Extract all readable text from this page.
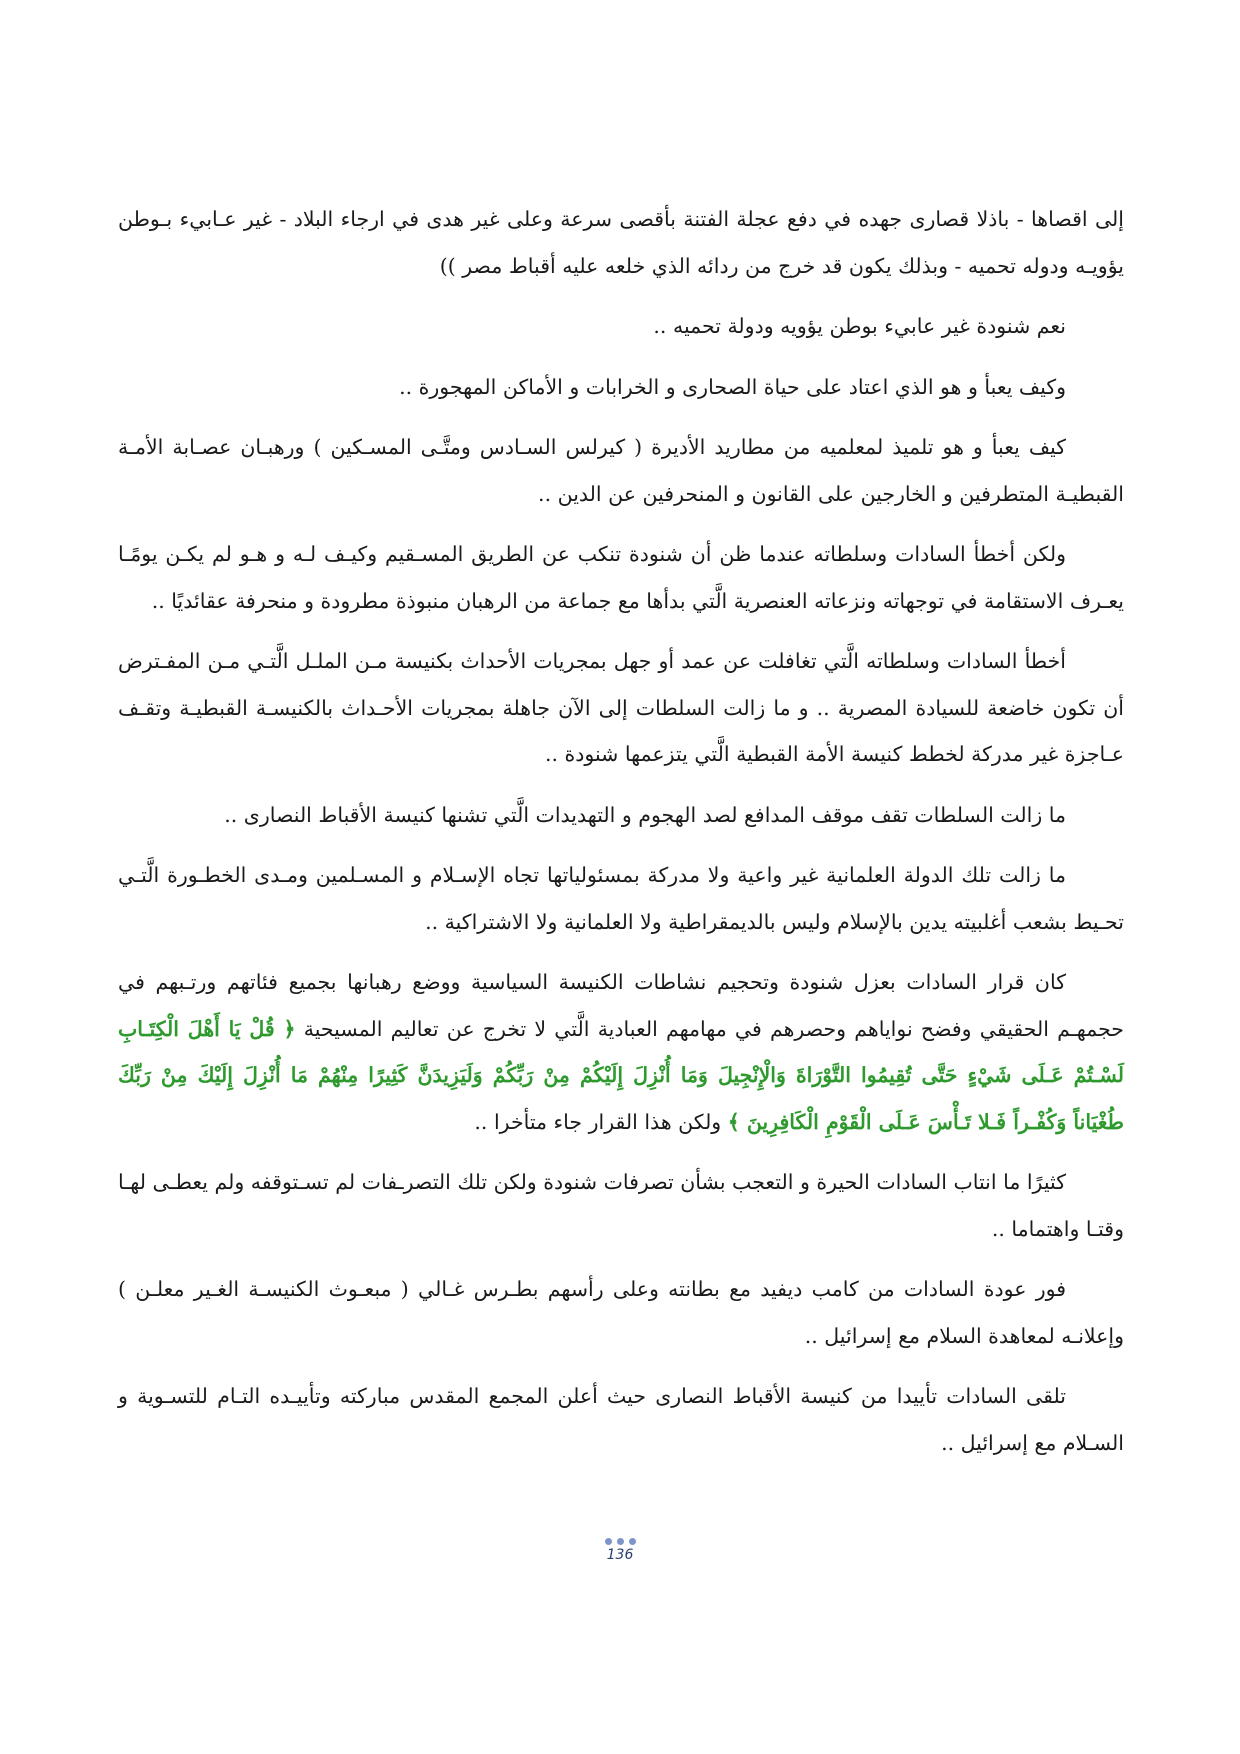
إلى اقصاها - باذلا قصارى جهده في دفع عجلة الفتنة بأقصى سرعة وعلى غير هدى في ارجاء البلاد - غير عـابيء بـوطن يؤويـه ودوله تحميه - وبذلك يكون قد خرج من ردائه الذي خلعه عليه أقباط مصر ))

نعم شنودة غير عابيء بوطن يؤويه ودولة تحميه ..

وكيف يعبأ و هو الذي اعتاد على حياة الصحارى و الخرابات و الأماكن المهجورة ..

كيف يعبأ و هو تلميذ لمعلميه من مطاريد الأديرة ( كيرلس السـادس ومتَّـى المسـكين ) ورهبـان عصـابة الأمـة القبطيـة المتطرفين و الخارجين على القانون و المنحرفين عن الدين ..

ولكن أخطأ السادات وسلطاته عندما ظن أن شنودة تنكب عن الطريق المسـقيم وكيـف لـه و هـو لم يكـن يومًـا يعـرف الاستقامة في توجهاته ونزعاته العنصرية الَّتي بدأها مع جماعة من الرهبان منبوذة مطرودة و منحرفة عقائديًا ..

أخطأ السادات وسلطاته الَّتي تغافلت عن عمد أو جهل بمجريات الأحداث بكنيسة مـن الملـل الَّتـي مـن المفـترض أن تكون خاضعة للسيادة المصرية .. و ما زالت السلطات إلى الآن جاهلة بمجريات الأحـداث بالكنيسـة القبطيـة وتقـف عـاجزة غير مدركة لخطط كنيسة الأمة القبطية الَّتي يتزعمها شنودة ..

ما زالت السلطات تقف موقف المدافع لصد الهجوم و التهديدات الَّتي تشنها كنيسة الأقباط النصارى ..

ما زالت تلك الدولة العلمانية غير واعية ولا مدركة بمسئولياتها تجاه الإسـلام و المسـلمين ومـدى الخطـورة الَّتـي تحـيط بشعب أغلبيته يدين بالإسلام وليس بالديمقراطية ولا العلمانية ولا الاشتراكية ..

كان قرار السادات بعزل شنودة وتحجيم نشاطات الكنيسة السياسية ووضع رهبانها بجميع فئاتهم ورتـبهم في حجمهـم الحقيقي وفضح نواياهم وحصرهم في مهامهم العبادية الَّتي لا تخرج عن تعاليم المسيحية ﴿ قُلْ يَا أَهْلَ الْكِتَـابِ لَسْـتُمْ عَـلَى شَيْءٍ حَتَّى تُقِيمُوا التَّوْرَاةَ وَالْإِنْجِيلَ وَمَا أُنْزِلَ إِلَيْكُمْ مِنْ رَبِّكُمْ وَلَيَزِيدَنَّ كَثِيرًا مِنْهُمْ مَا أُنْزِلَ إِلَيْكَ مِنْ رَبِّكَ طُغْيَاناً وَكُفْـراً فَـلا تَـأْسَ عَـلَى الْقَوْمِ الْكَافِرِينَ ﴾ ولكن هذا القرار جاء متأخرا ..

كثيرًا ما انتاب السادات الحيرة و التعجب بشأن تصرفات شنودة ولكن تلك التصرـفات لم تسـتوقفه ولم يعطـى لهـا وقتـا واهتماما ..

فور عودة السادات من كامب ديفيد مع بطانته وعلى رأسهم بطـرس غـالي ( مبعـوث الكنيسـة الغـير معلـن ) وإعلانـه لمعاهدة السلام مع إسرائيل ..

تلقى السادات تأييدا من كنيسة الأقباط النصارى حيث أعلن المجمع المقدس مباركته وتأييـده التـام للتسـوية و السـلام مع إسرائيل ..

136
